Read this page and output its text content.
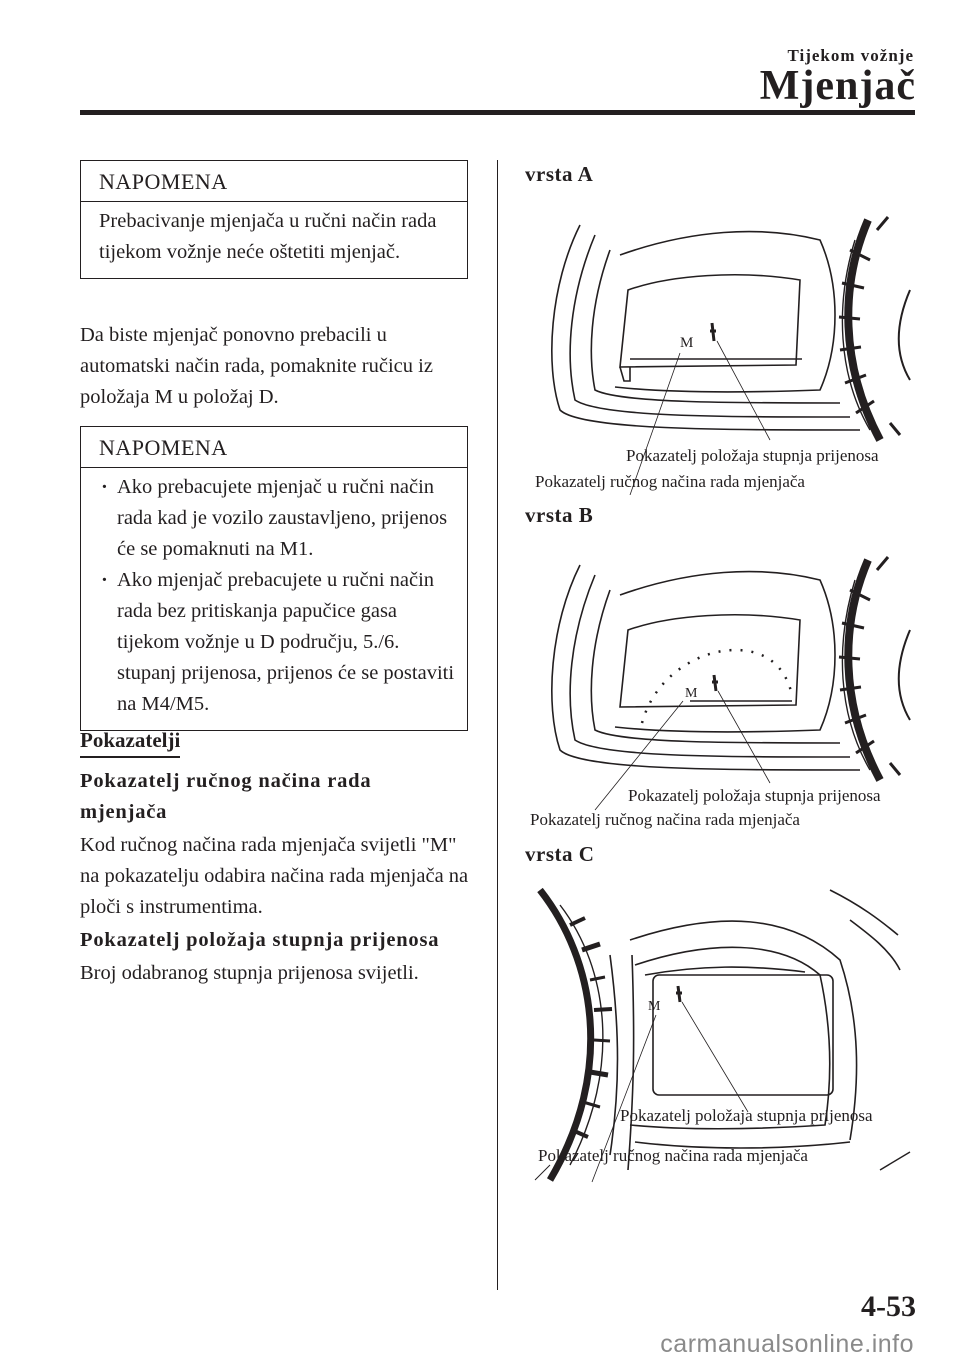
Tijekom vožnje
Mjenjač
NAPOMENA
Prebacivanje mjenjača u ručni način rada tijekom vožnje neće oštetiti mjenjač.
Da biste mjenjač ponovno prebacili u automatski način rada, pomaknite ručicu iz položaja M u položaj D.
NAPOMENA
· Ako prebacujete mjenjač u ručni način rada kad je vozilo zaustavljeno, prijenos će se pomaknuti na M1.
· Ako mjenjač prebacujete u ručni način rada bez pritiskanja papučice gasa tijekom vožnje u D području, 5./6. stupanj prijenosa, prijenos će se postaviti na M4/M5.
Pokazatelji
Pokazatelj ručnog načina rada mjenjača
Kod ručnog načina rada mjenjača svijetli "M" na pokazatelju odabira načina rada mjenjača na ploči s instrumentima.
Pokazatelj položaja stupnja prijenosa
Broj odabranog stupnja prijenosa svijetli.
vrsta A
M
Pokazatelj položaja stupnja prijenosa
Pokazatelj ručnog načina rada mjenjača
vrsta B
M
Pokazatelj položaja stupnja prijenosa
Pokazatelj ručnog načina rada mjenjača
vrsta C
M
Pokazatelj položaja stupnja prijenosa
Pokazatelj ručnog načina rada mjenjača
4-53
carmanualsonline.info
